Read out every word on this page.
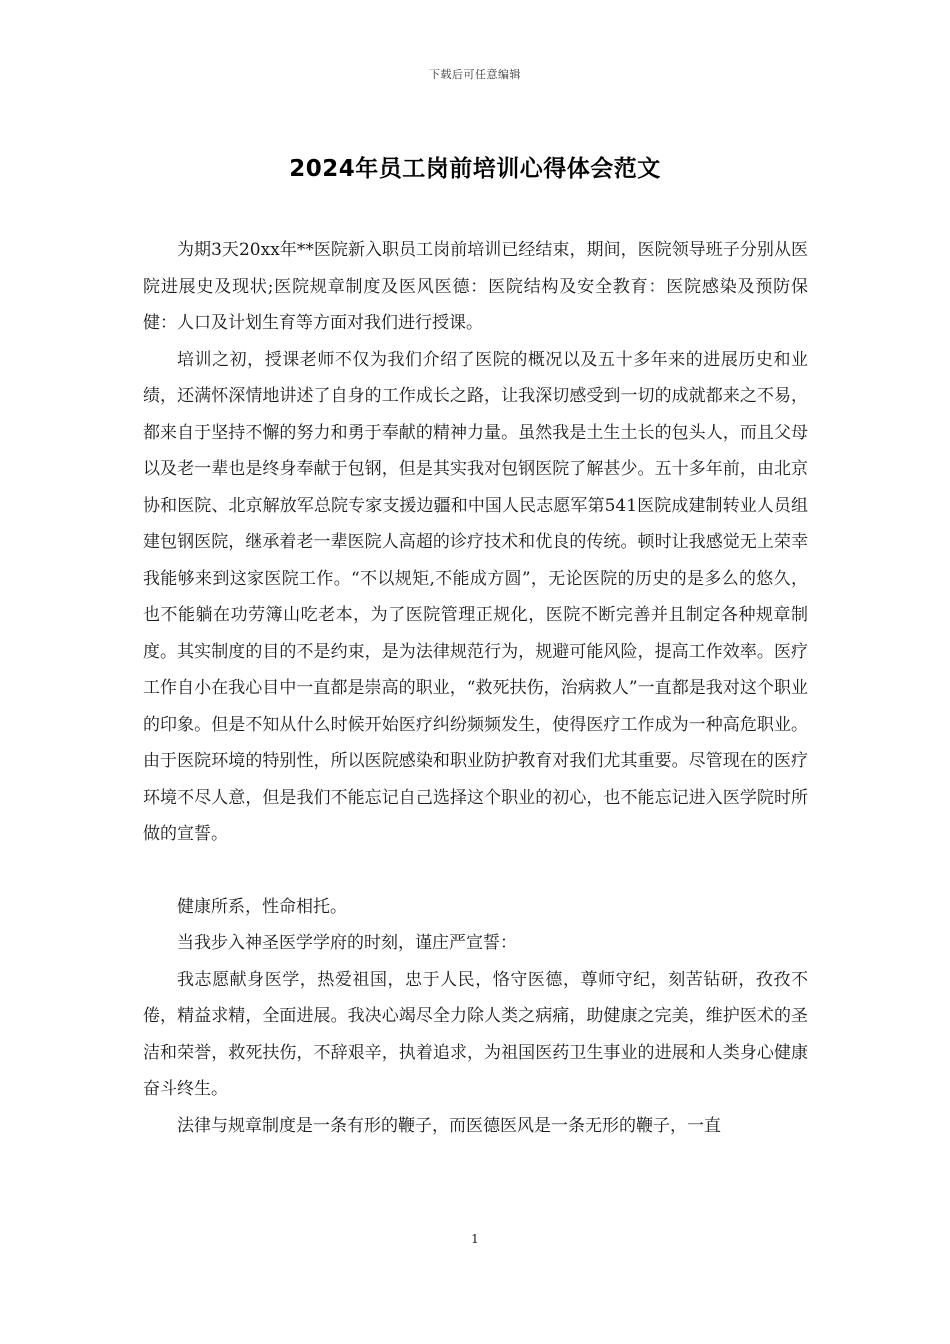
下载后可任意编辑
2024年员工岗前培训心得体会范文

为期3天20xx年**医院新入职员工岗前培训已经结束，期间，医院领导班子分别从医院进展史及现状;医院规章制度及医风医德：医院结构及安全教育：医院感染及预防保健：人口及计划生育等方面对我们进行授课。

培训之初，授课老师不仅为我们介绍了医院的概况以及五十多年来的进展历史和业绩，还满怀深情地讲述了自身的工作成长之路，让我深切感受到一切的成就都来之不易，都来自于坚持不懈的努力和勇于奉献的精神力量。虽然我是土生土长的包头人，而且父母以及老一辈也是终身奉献于包钢，但是其实我对包钢医院了解甚少。五十多年前，由北京协和医院、北京解放军总院专家支援边疆和中国人民志愿军第541医院成建制转业人员组建包钢医院，继承着老一辈医院人高超的诊疗技术和优良的传统。顿时让我感觉无上荣幸我能够来到这家医院工作。“不以规矩,不能成方圆”，无论医院的历史的是多么的悠久，也不能躺在功劳簿山吃老本，为了医院管理正规化，医院不断完善并且制定各种规章制度。其实制度的目的不是约束，是为法律规范行为，规避可能风险，提高工作效率。医疗工作自小在我心目中一直都是崇高的职业，“救死扶伤，治病救人”一直都是我对这个职业的印象。但是不知从什么时候开始医疗纠纷频频发生，使得医疗工作成为一种高危职业。由于医院环境的特别性，所以医院感染和职业防护教育对我们尤其重要。尽管现在的医疗环境不尽人意，但是我们不能忘记自己选择这个职业的初心，也不能忘记进入医学院时所做的宣誓。

健康所系，性命相托。

当我步入神圣医学学府的时刻，谨庄严宣誓：

我志愿献身医学，热爱祖国，忠于人民，恪守医德，尊师守纪，刻苦钻研，孜孜不倦，精益求精，全面进展。我决心竭尽全力除人类之病痛，助健康之完美，维护医术的圣洁和荣誉，救死扶伤，不辞艰辛，执着追求，为祖国医药卫生事业的进展和人类身心健康奋斗终生。

法律与规章制度是一条有形的鞭子，而医德医风是一条无形的鞭子，一直

1
